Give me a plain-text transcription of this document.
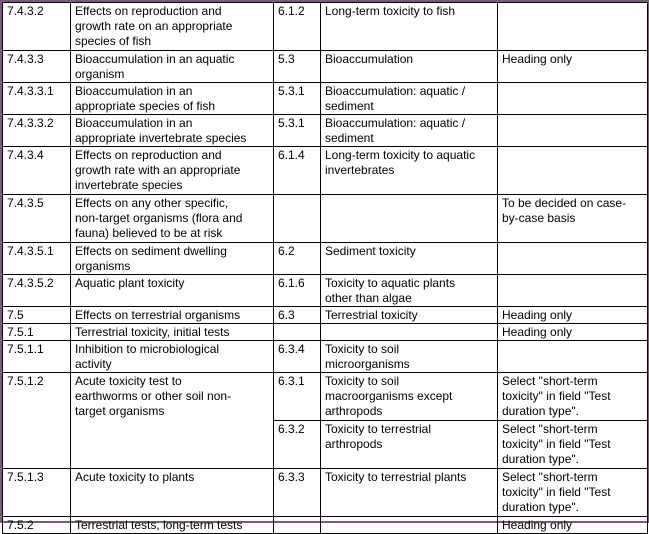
7.4.3.2	Effects on reproduction and
growth rate on an appropriate
species of fish	6.1.2	Long-term toxicity to fish	
7.4.3.3	Bioaccumulation in an aquatic
organism	5.3	Bioaccumulation	Heading only
7.4.3.3.1	Bioaccumulation in an
appropriate species of fish	5.3.1	Bioaccumulation: aquatic /
sediment	
7.4.3.3.2	Bioaccumulation in an
appropriate invertebrate species	5.3.1	Bioaccumulation: aquatic /
sediment	
7.4.3.4	Effects on reproduction and
growth rate with an appropriate
invertebrate species	6.1.4	Long-term toxicity to aquatic
invertebrates	
7.4.3.5	Effects on any other specific,
non-target organisms (flora and
fauna) believed to be at risk			To be decided on case-
by-case basis
7.4.3.5.1	Effects on sediment dwelling
organisms	6.2	Sediment toxicity	
7.4.3.5.2	Aquatic plant toxicity	6.1.6	Toxicity to aquatic plants
other than algae	
7.5	Effects on terrestrial organisms	6.3	Terrestrial toxicity	Heading only
7.5.1	Terrestrial toxicity, initial tests			Heading only
7.5.1.1	Inhibition to microbiological
activity	6.3.4	Toxicity to soil
microorganisms	
7.5.1.2	Acute toxicity test to
earthworms or other soil non-
target organisms	6.3.1	Toxicity to soil
macroorganisms except
arthropods	Select "short-term
toxicity" in field "Test
duration type".
		6.3.2	Toxicity to terrestrial
arthropods	Select "short-term
toxicity" in field "Test
duration type".
7.5.1.3	Acute toxicity to plants	6.3.3	Toxicity to terrestrial plants	Select "short-term
toxicity" in field "Test
duration type".
7.5.2	Terrestrial tests, long-term tests			Heading only
